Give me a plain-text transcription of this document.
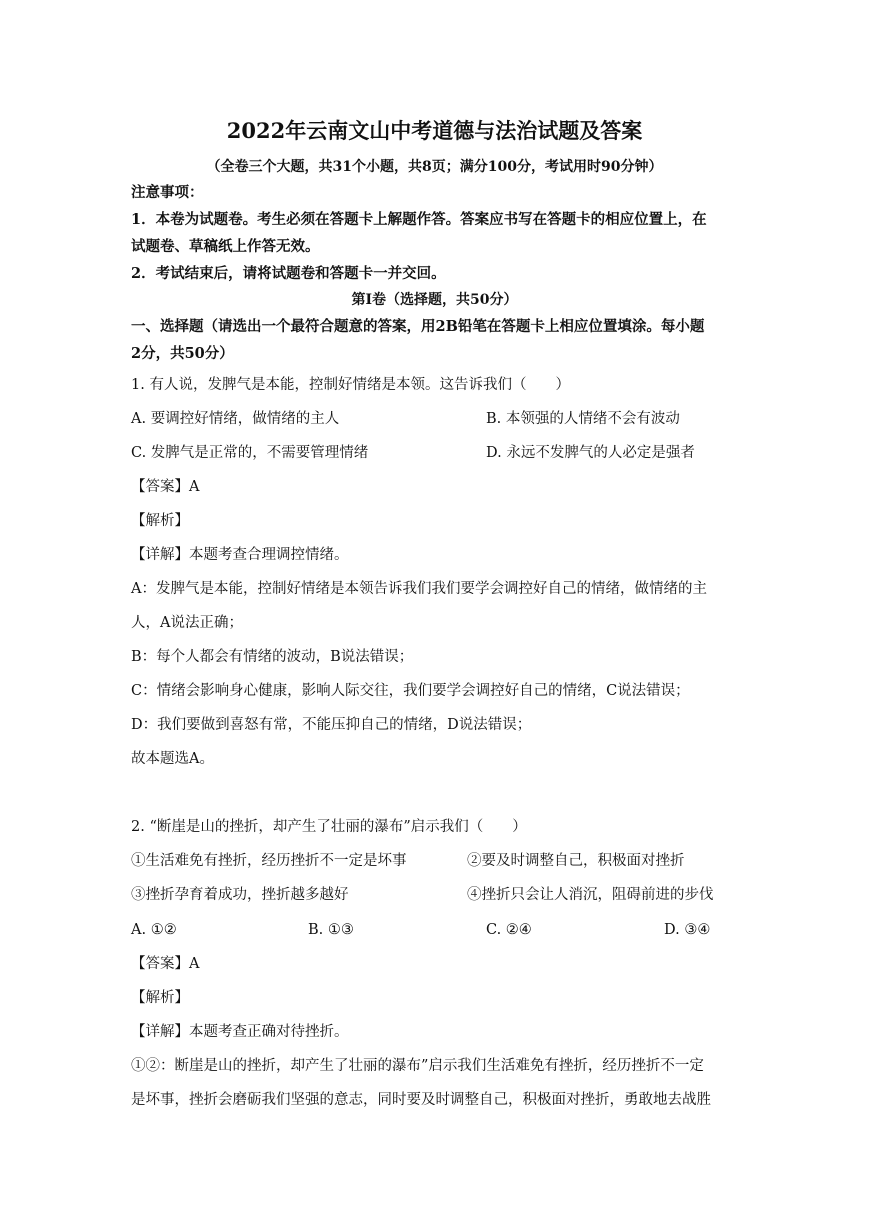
2022年云南文山中考道德与法治试题及答案
（全卷三个大题，共31个小题，共8页；满分100分，考试用时90分钟）
注意事项：
1．本卷为试题卷。考生必须在答题卡上解题作答。答案应书写在答题卡的相应位置上，在
试题卷、草稿纸上作答无效。
2．考试结束后，请将试题卷和答题卡一并交回。
第Ⅰ卷（选择题，共50分）
一、选择题（请选出一个最符合题意的答案，用2B铅笔在答题卡上相应位置填涂。每小题
2分，共50分）
1. 有人说，发脾气是本能，控制好情绪是本领。这告诉我们（　　）
A. 要调控好情绪，做情绪的主人	B. 本领强的人情绪不会有波动
C. 发脾气是正常的，不需要管理情绪	D. 永远不发脾气的人必定是强者
【答案】A
【解析】
【详解】本题考查合理调控情绪。
A：发脾气是本能，控制好情绪是本领告诉我们我们要学会调控好自己的情绪，做情绪的主
人，A说法正确；
B：每个人都会有情绪的波动，B说法错误；
C：情绪会影响身心健康，影响人际交往，我们要学会调控好自己的情绪，C说法错误；
D：我们要做到喜怒有常，不能压抑自己的情绪，D说法错误；
故本题选A。
2. “断崖是山的挫折，却产生了壮丽的瀑布”启示我们（　　）
①生活难免有挫折，经历挫折不一定是坏事	②要及时调整自己，积极面对挫折
③挫折孕育着成功，挫折越多越好	④挫折只会让人消沉，阻碍前进的步伐
A. ①②	B. ①③	C. ②④	D. ③④
【答案】A
【解析】
【详解】本题考查正确对待挫折。
①②：断崖是山的挫折，却产生了壮丽的瀑布”启示我们生活难免有挫折，经历挫折不一定
是坏事，挫折会磨砺我们坚强的意志，同时要及时调整自己，积极面对挫折，勇敢地去战胜
